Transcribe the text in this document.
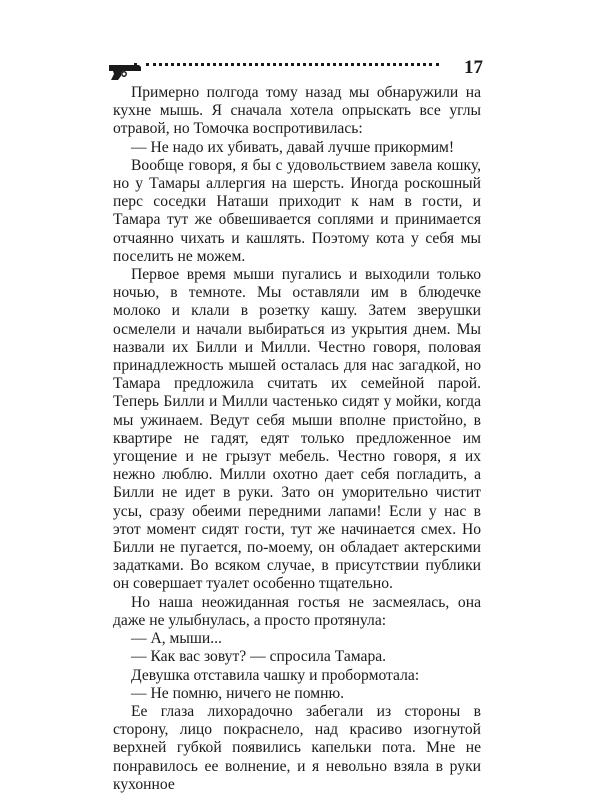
17

Примерно полгода тому назад мы обнаружили на кухне мышь. Я сначала хотела опрыскать все углы отравой, но Томочка воспротивилась:

— Не надо их убивать, давай лучше прикормим!

Вообще говоря, я бы с удовольствием завела кошку, но у Тамары аллергия на шерсть. Иногда роскошный перс соседки Наташи приходит к нам в гости, и Тамара тут же обвешивается соплями и принимается отчаянно чихать и кашлять. Поэтому кота у себя мы поселить не можем.

Первое время мыши пугались и выходили только ночью, в темноте. Мы оставляли им в блюдечке молоко и клали в розетку кашу. Затем зверушки осмелели и начали выбираться из укрытия днем. Мы назвали их Билли и Милли. Честно говоря, половая принадлежность мышей осталась для нас загадкой, но Тамара предложила считать их семейной парой. Теперь Билли и Милли частенько сидят у мойки, когда мы ужинаем. Ведут себя мыши вполне пристойно, в квартире не гадят, едят только предложенное им угощение и не грызут мебель. Честно говоря, я их нежно люблю. Милли охотно дает себя погладить, а Билли не идет в руки. Зато он уморительно чистит усы, сразу обеими передними лапами! Если у нас в этот момент сидят гости, тут же начинается смех. Но Билли не пугается, по-моему, он обладает актерскими задатками. Во всяком случае, в присутствии публики он совершает туалет особенно тщательно.

Но наша неожиданная гостья не засмеялась, она даже не улыбнулась, а просто протянула:

— А, мыши...

— Как вас зовут? — спросила Тамара.

Девушка отставила чашку и пробормотала:

— Не помню, ничего не помню.

Ее глаза лихорадочно забегали из стороны в сторону, лицо покраснело, над красиво изогнутой верхней губкой появились капельки пота. Мне не понравилось ее волнение, и я невольно взяла в руки кухонное
